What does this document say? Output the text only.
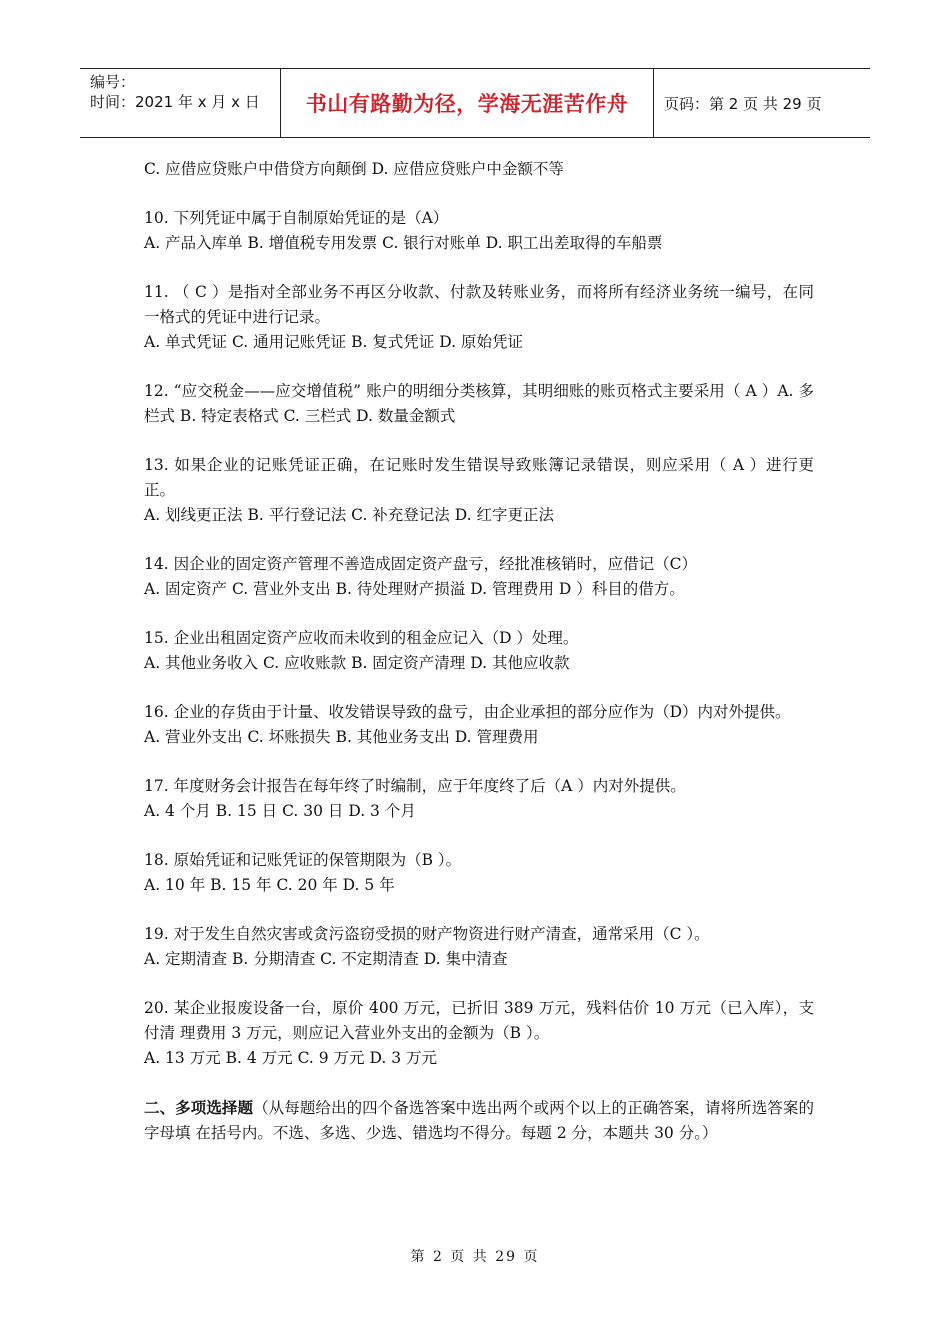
编号：
时间：2021 年 x 月 x 日	书山有路勤为径，学海无涯苦作舟	页码：第 2 页 共 29 页

C. 应借应贷账户中借贷方向颠倒 D. 应借应贷账户中金额不等

10. 下列凭证中属于自制原始凭证的是（A）

A. 产品入库单 B. 增值税专用发票 C. 银行对账单 D. 职工出差取得的车船票

11. （ C ）是指对全部业务不再区分收款、付款及转账业务，而将所有经济业务统一编号，在同 一格式的凭证中进行记录。

A. 单式凭证 C. 通用记账凭证 B. 复式凭证 D. 原始凭证

12. “应交税金——应交增值税” 账户的明细分类核算，其明细账的账页格式主要采用（ A ）A. 多栏式 B. 特定表格式 C. 三栏式 D. 数量金额式

13. 如果企业的记账凭证正确，在记账时发生错误导致账簿记录错误，则应采用（ A ）进行更正。

A. 划线更正法 B. 平行登记法 C. 补充登记法 D. 红字更正法

14. 因企业的固定资产管理不善造成固定资产盘亏，经批准核销时，应借记（C）

A. 固定资产 C. 营业外支出 B. 待处理财产损溢 D. 管理费用 D ）科目的借方。

15. 企业出租固定资产应收而未收到的租金应记入（D ）处理。

A. 其他业务收入 C. 应收账款 B. 固定资产清理 D. 其他应收款

16. 企业的存货由于计量、收发错误导致的盘亏，由企业承担的部分应作为（D）内对外提供。

A. 营业外支出 C. 坏账损失 B. 其他业务支出 D. 管理费用

17. 年度财务会计报告在每年终了时编制，应于年度终了后（A ）内对外提供。

A. 4 个月 B. 15 日 C. 30 日 D. 3 个月

18. 原始凭证和记账凭证的保管期限为（B ）。

A. 10 年 B. 15 年 C. 20 年 D. 5 年

19. 对于发生自然灾害或贪污盗窃受损的财产物资进行财产清查，通常采用（C ）。

A. 定期清查 B. 分期清查 C. 不定期清查 D. 集中清查

20. 某企业报废设备一台，原价 400 万元，已折旧 389 万元，残料估价 10 万元（已入库），支付清 理费用 3 万元，则应记入营业外支出的金额为（B ）。

A. 13 万元 B. 4 万元 C. 9 万元 D. 3 万元

二、多项选择题（从每题给出的四个备选答案中选出两个或两个以上的正确答案，请将所选答案的字母填 在括号内。不选、多选、少选、错选均不得分。每题 2 分，本题共 30 分。）

第 2 页 共 29 页
